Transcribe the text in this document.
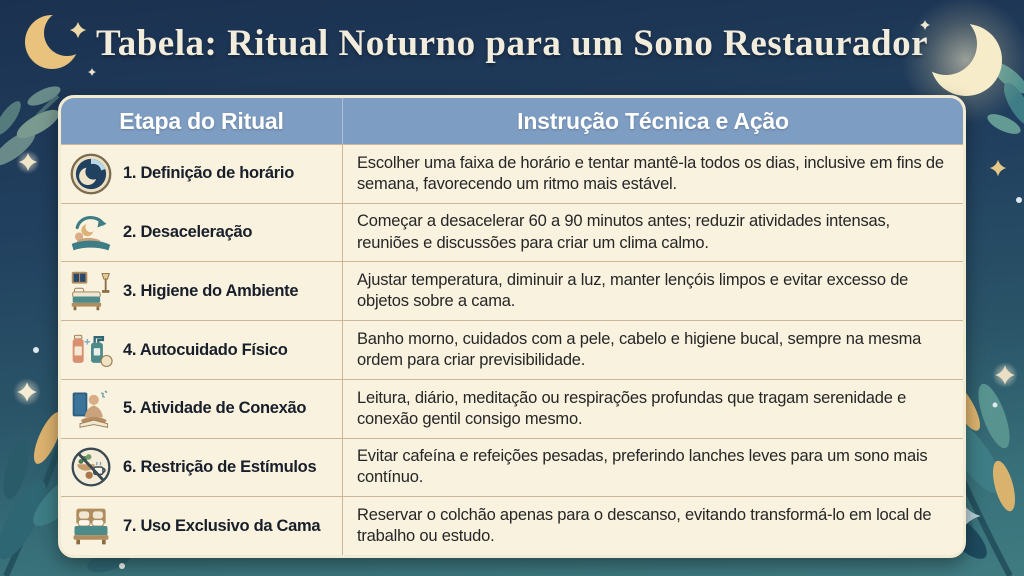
Tabela: Ritual Noturno para um Sono Restaurador
Etapa do Ritual	Instrução Técnica e Ação
1. Definição de horário
Escolher uma faixa de horário e tentar mantê-la todos os dias, inclusive em fins de semana, favorecendo um ritmo mais estável.
2. Desaceleração
Começar a desacelerar 60 a 90 minutos antes; reduzir atividades intensas, reuniões e discussões para criar um clima calmo.
3. Higiene do Ambiente
Ajustar temperatura, diminuir a luz, manter lençóis limpos e evitar excesso de objetos sobre a cama.
4. Autocuidado Físico
Banho morno, cuidados com a pele, cabelo e higiene bucal, sempre na mesma ordem para criar previsibilidade.
5. Atividade de Conexão
Leitura, diário, meditação ou respirações profundas que tragam serenidade e conexão gentil consigo mesmo.
6. Restrição de Estímulos
Evitar cafeína e refeições pesadas, preferindo lanches leves para um sono mais contínuo.
7. Uso Exclusivo da Cama
Reservar o colchão apenas para o descanso, evitando transformá-lo em local de trabalho ou estudo.
